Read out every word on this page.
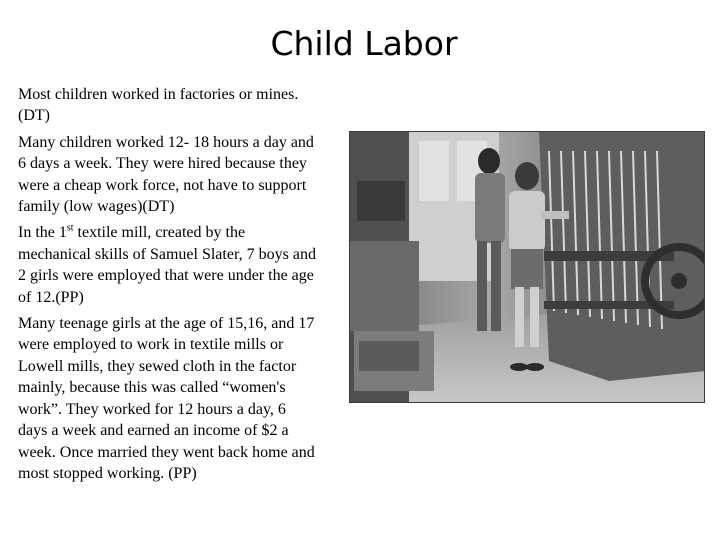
Child Labor

Most children worked in factories or mines. (DT)

Many children worked 12- 18 hours a day and 6 days a week. They were hired because they were a cheap work force, not have to support family (low wages)(DT)

In the 1st textile mill, created by the mechanical skills of Samuel Slater, 7 boys and 2 girls were employed that were under the age of 12.(PP)

Many teenage girls at the age of 15,16, and 17 were employed to work in textile mills or Lowell mills, they sewed cloth in the factor mainly, because this was called “women's work”. They worked for 12 hours a day, 6 days a week and earned an income of $2 a week. Once married they went back home and most stopped working. (PP)
